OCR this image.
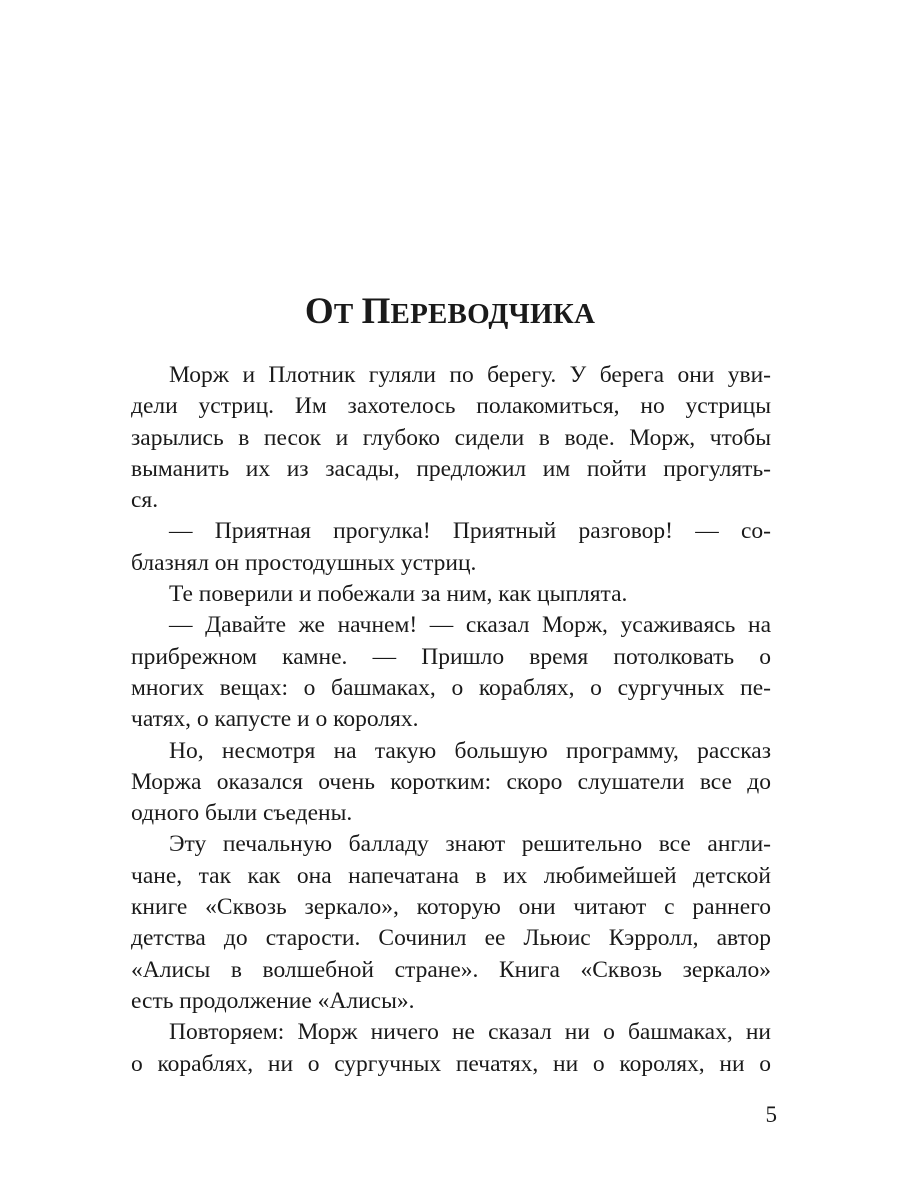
ОТ ПЕРЕВОДЧИКА
Морж и Плотник гуляли по берегу. У берега они уви-
дели устриц. Им захотелось полакомиться, но устрицы
зарылись в песок и глубоко сидели в воде. Морж, чтобы
выманить их из засады, предложил им пойти прогулять-
ся.
— Приятная прогулка! Приятный разговор! — со-
блазнял он простодушных устриц.
Те поверили и побежали за ним, как цыплята.
— Давайте же начнем! — сказал Морж, усаживаясь на
прибрежном камне. — Пришло время потолковать о
многих вещах: о башмаках, о кораблях, о сургучных пе-
чатях, о капусте и о королях.
Но, несмотря на такую большую программу, рассказ
Моржа оказался очень коротким: скоро слушатели все до
одного были съедены.
Эту печальную балладу знают решительно все англи-
чане, так как она напечатана в их любимейшей детской
книге «Сквозь зеркало», которую они читают с раннего
детства до старости. Сочинил ее Льюис Кэрролл, автор
«Алисы в волшебной стране». Книга «Сквозь зеркало»
есть продолжение «Алисы».
Повторяем: Морж ничего не сказал ни о башмаках, ни
о кораблях, ни о сургучных печатях, ни о королях, ни о
5
